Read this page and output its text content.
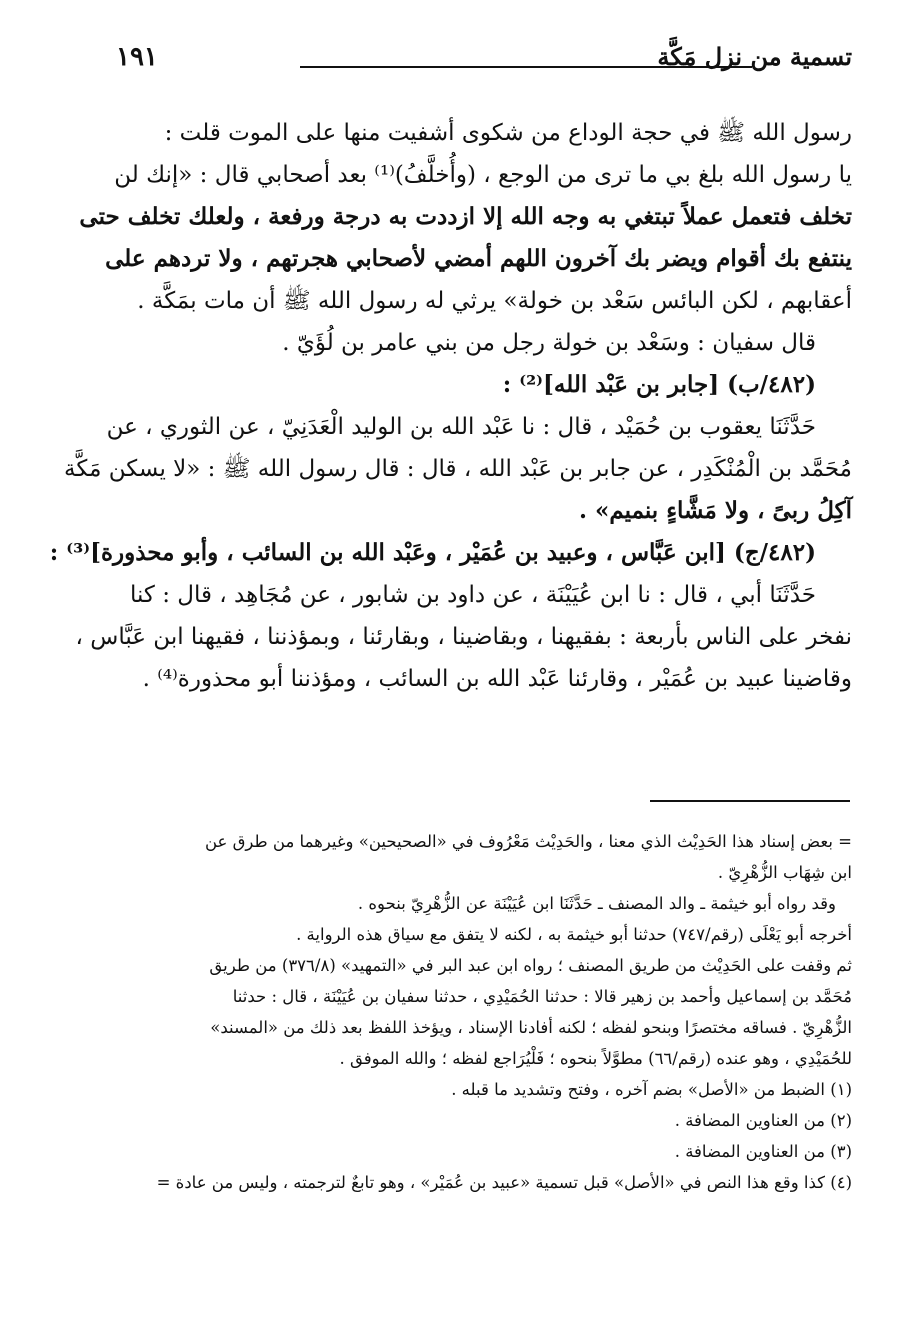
١٩١	تسمية من نزل مَكَّة
رسول الله ﷺ في حجة الوداع من شكوى أشفيت منها على الموت قلت :
يا رسول الله بلغ بي ما ترى من الوجع ، (وأُخلَّفُ)⁽¹⁾ بعد أصحابي قال : «إنك لن
تخلف فتعمل عملاً تبتغي به وجه الله إلا ازددت به درجة ورفعة ، ولعلك تخلف حتى
ينتفع بك أقوام ويضر بك آخرون اللهم أمضي لأصحابي هجرتهم ، ولا تردهم على
أعقابهم ، لكن البائس سَعْد بن خولة» يرثي له رسول الله ﷺ أن مات بمَكَّة .
قال سفيان : وسَعْد بن خولة رجل من بني عامر بن لُؤَيّ .
(٤٨٢/ب) [جابر بن عَبْد الله]⁽²⁾ :
حَدَّثَنَا يعقوب بن حُمَيْد ، قال : نا عَبْد الله بن الوليد الْعَدَنِيّ ، عن الثوري ، عن
مُحَمَّد بن الْمُنْكَدِر ، عن جابر بن عَبْد الله ، قال : قال رسول الله ﷺ : «لا يسكن مَكَّة
آكِلُ ربىً ، ولا مَشَّاءٍ بنميم» .
(٤٨٢/ج) [ابن عَبَّاس ، وعبيد بن عُمَيْر ، وعَبْد الله بن السائب ، وأبو محذورة]⁽³⁾ :
حَدَّثَنَا أبي ، قال : نا ابن عُيَيْنَة ، عن داود بن شابور ، عن مُجَاهِد ، قال : كنا
نفخر على الناس بأربعة : بفقيهنا ، وبقاضينا ، وبقارئنا ، وبمؤذننا ، فقيهنا ابن عَبَّاس ،
وقاضينا عبيد بن عُمَيْر ، وقارئنا عَبْد الله بن السائب ، ومؤذننا أبو محذورة⁽⁴⁾ .
= بعض إسناد هذا الحَدِيْث الذي معنا ، والحَدِيْث مَعْرُوف في «الصحيحين» وغيرهما من طرق عن
ابن شِهَاب الزُّهْرِيّ .
وقد رواه أبو خيثمة ـ والد المصنف ـ حَدَّثَنَا ابن عُيَيْنَة عن الزُّهْرِيّ بنحوه .
أخرجه أبو يَعْلَى (رقم/٧٤٧) حدثنا أبو خيثمة به ، لكنه لا يتفق مع سياق هذه الرواية .
ثم وقفت على الحَدِيْث من طريق المصنف ؛ رواه ابن عبد البر في «التمهيد» (٣٧٦/٨) من طريق
مُحَمَّد بن إسماعيل وأحمد بن زهير قالا : حدثنا الحُمَيْدِي ، حدثنا سفيان بن عُيَيْنَة ، قال : حدثنا
الزُّهْرِيّ . فساقه مختصرًا وبنحو لفظه ؛ لكنه أفادنا الإسناد ، ويؤخذ اللفظ بعد ذلك من «المسند»
للحُمَيْدِي ، وهو عنده (رقم/٦٦) مطوَّلاً بنحوه ؛ فَلْيُرَاجع لفظه ؛ والله الموفق .
(١) الضبط من «الأصل» بضم آخره ، وفتح وتشديد ما قبله .
(٢) من العناوين المضافة .
(٣) من العناوين المضافة .
(٤) كذا وقع هذا النص في «الأصل» قبل تسمية «عبيد بن عُمَيْر» ، وهو تابعٌ لترجمته ، وليس من عادة =
